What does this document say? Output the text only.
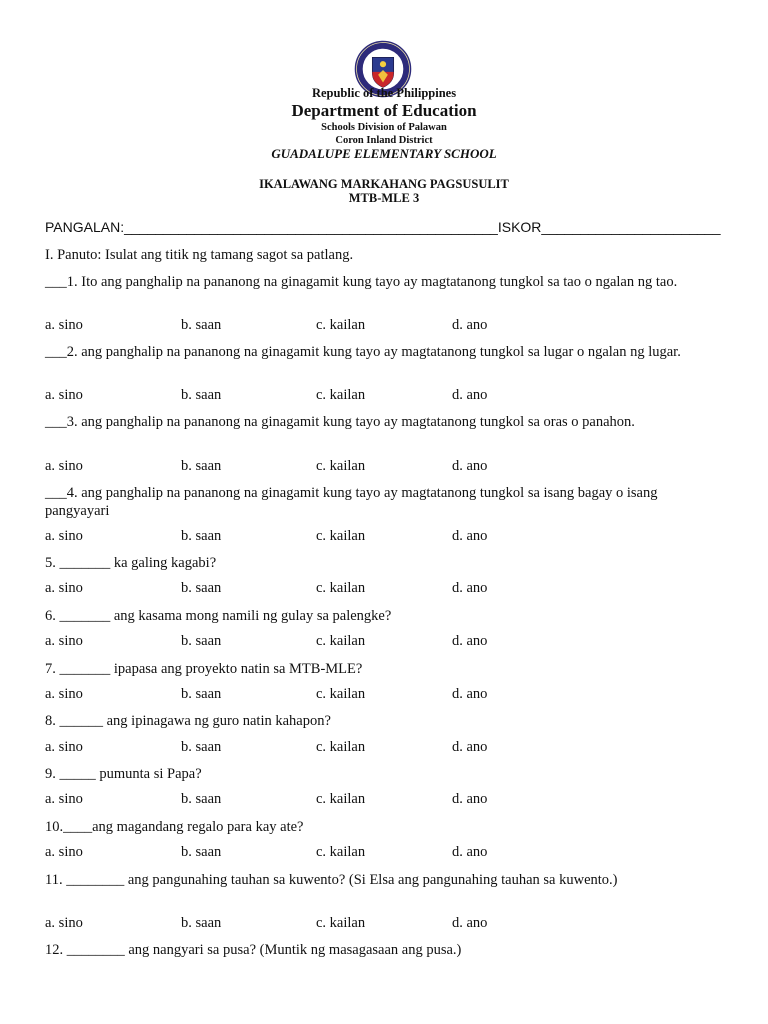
Republic of the Philippines
Department of Education
Schools Division of Palawan
Coron Inland District
GUADALUPE ELEMENTARY SCHOOL
IKALAWANG MARKAHANG PAGSUSULIT
MTB-MLE 3
PANGALAN:________________________________________________ISKOR_______________________
I. Panuto: Isulat ang titik ng tamang sagot sa patlang.
___1. Ito ang panghalip na pananong na ginagamit kung tayo ay magtatanong tungkol sa tao o ngalan ng tao.
a. sino	b. saan	c. kailan	d. ano
___2. ang panghalip na pananong na ginagamit kung tayo ay magtatanong tungkol sa lugar o ngalan ng lugar.
a. sino	b. saan	c. kailan	d. ano
___3. ang panghalip na pananong na ginagamit kung tayo ay magtatanong tungkol sa oras o panahon.
a. sino	b. saan	c. kailan	d. ano
___4. ang panghalip na pananong na ginagamit kung tayo ay magtatanong tungkol sa isang bagay o isang pangyayari
a. sino	b. saan	c. kailan	d. ano
5. _______ ka galing kagabi?
a. sino	b. saan	c. kailan	d. ano
6. _______ ang kasama mong namili ng gulay sa palengke?
a. sino	b. saan	c. kailan	d. ano
7. _______ ipapasa ang proyekto natin sa MTB-MLE?
a. sino	b. saan	c. kailan	d. ano
8. ______ ang ipinagawa ng guro natin kahapon?
a. sino	b. saan	c. kailan	d. ano
9. _____ pumunta si Papa?
a. sino	b. saan	c. kailan	d. ano
10.____ang magandang regalo para kay ate?
a. sino	b. saan	c. kailan	d. ano
11. ________ ang pangunahing tauhan sa kuwento? (Si Elsa ang pangunahing tauhan sa kuwento.)
a. sino	b. saan	c. kailan	d. ano
12. ________ ang nangyari sa pusa? (Muntik ng masagasaan ang pusa.)
